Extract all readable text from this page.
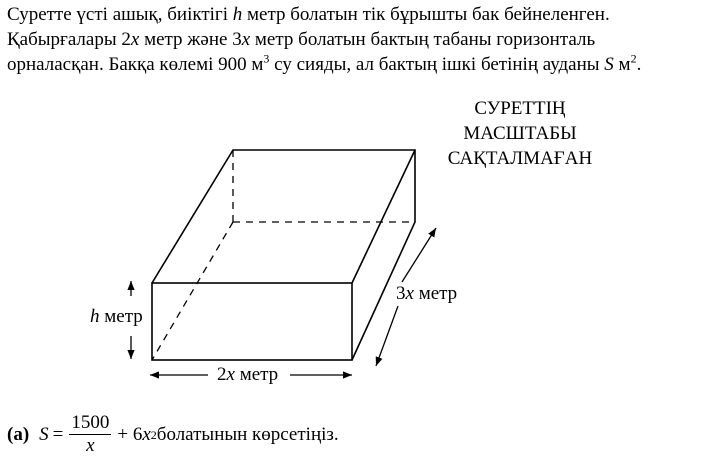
Суретте үсті ашық, биіктігі h метр болатын тік бұрышты бак бейнеленген.

Қабырғалары 2x метр және 3x метр болатын бактың табаны горизонталь

орналасқан. Бакқа көлемі 900 $м^3$ су сияды, ал бактың ішкі бетінің ауданы S $м^2$.

СУРЕТТІҢ
МАСШТАБЫ
САҚТАЛМАҒАН
h метр
3x метр
2x метр
(a) $S = \frac{1500}{x} + 6$ x 2 болатынын көрсетіңіз.
